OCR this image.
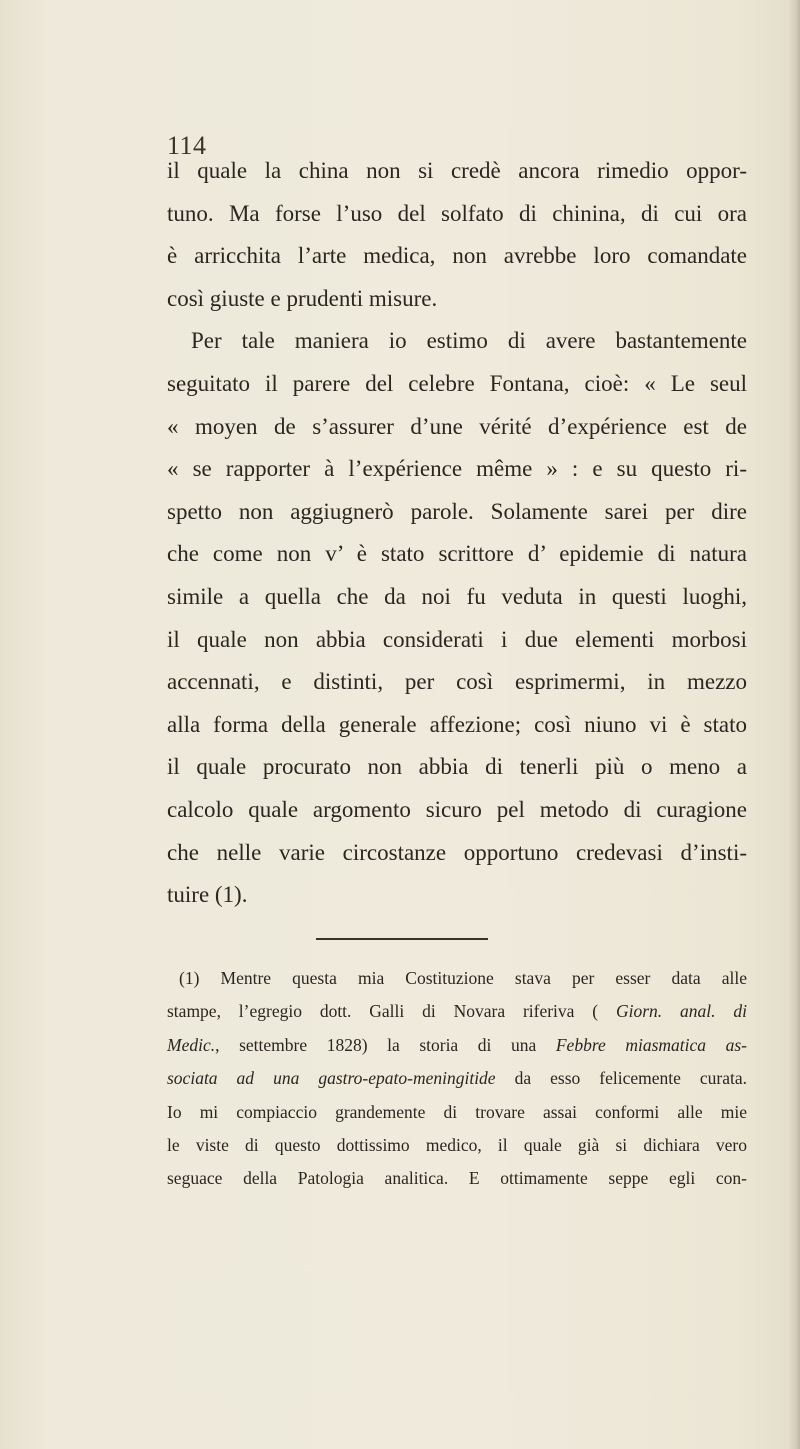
114
il quale la china non si credè ancora rimedio oppor-
tuno. Ma forse l’uso del solfato di chinina, di cui ora
è arricchita l’arte medica, non avrebbe loro comandate
così giuste e prudenti misure.
Per tale maniera io estimo di avere bastantemente
seguitato il parere del celebre Fontana, cioè: « Le seul
« moyen de s’assurer d’une vérité d’expérience est de
« se rapporter à l’expérience même » : e su questo ri-
spetto non aggiugnerò parole. Solamente sarei per dire
che come non v’ è stato scrittore d’ epidemie di natura
simile a quella che da noi fu veduta in questi luoghi,
il quale non abbia considerati i due elementi morbosi
accennati, e distinti, per così esprimermi, in mezzo
alla forma della generale affezione; così niuno vi è stato
il quale procurato non abbia di tenerli più o meno a
calcolo quale argomento sicuro pel metodo di curagione
che nelle varie circostanze opportuno credevasi d’insti-
tuire (1).
(1) Mentre questa mia Costituzione stava per esser data alle
stampe, l’egregio dott. Galli di Novara riferiva ( Giorn. anal. di
Medic., settembre 1828) la storia di una Febbre miasmatica as-
sociata ad una gastro-epato-meningitide da esso felicemente curata.
Io mi compiaccio grandemente di trovare assai conformi alle mie
le viste di questo dottissimo medico, il quale già si dichiara vero
seguace della Patologia analitica. E ottimamente seppe egli con-
